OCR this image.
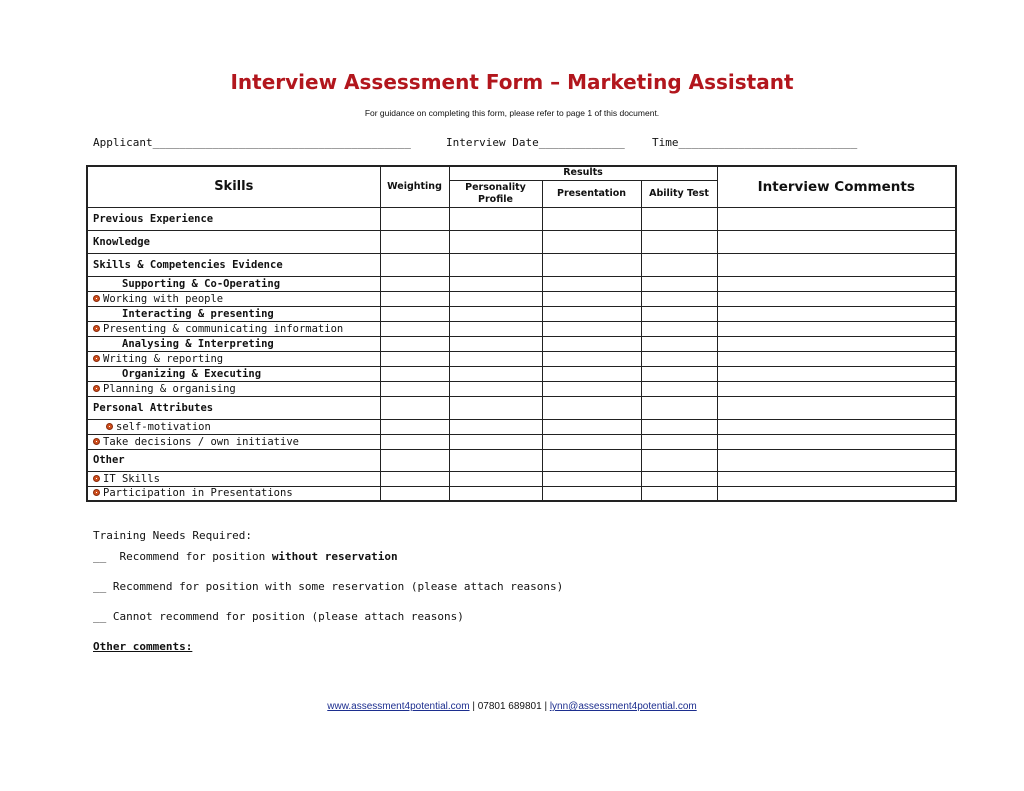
Interview Assessment Form – Marketing Assistant
For guidance on completing this form, please refer to page 1 of this document.
Applicant_______________________________________	Interview Date_____________ Time___________________________
Skills	Weighting	Results			Interview Comments
		Personality Profile	Presentation	Ability Test	
Previous Experience					
Knowledge					
Skills & Competencies Evidence					
Supporting & Co-Operating					
Working with people					
Interacting & presenting					
Presenting & communicating information					
Analysing & Interpreting					
Writing & reporting					
Organizing & Executing					
Planning & organising					
Personal Attributes					
self-motivation					
Take decisions / own initiative					
Other					
IT Skills					
Participation in Presentations					
Training Needs Required:
__  Recommend for position without reservation
__ Recommend for position with some reservation (please attach reasons)
__ Cannot recommend for position (please attach reasons)
Other comments:
www.assessment4potential.com | 07801 689801 | lynn@assessment4potential.com
